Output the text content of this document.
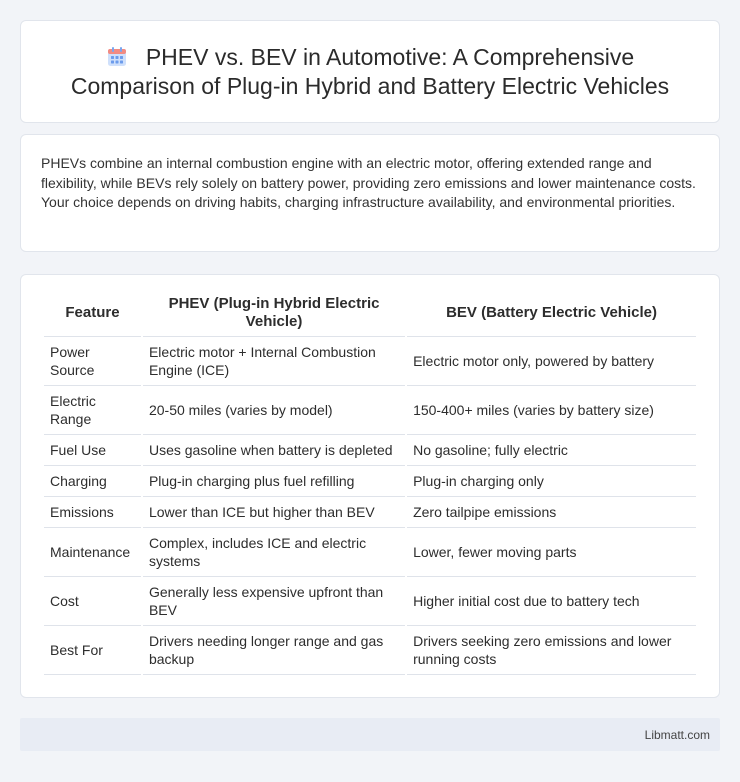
PHEV vs. BEV in Automotive: A Comprehensive
Comparison of Plug-in Hybrid and Battery Electric Vehicles

PHEVs combine an internal combustion engine with an electric motor, offering extended range and flexibility, while BEVs rely solely on battery power, providing zero emissions and lower maintenance costs. Your choice depends on driving habits, charging infrastructure availability, and environmental priorities.

Feature	PHEV (Plug-in Hybrid Electric Vehicle)	BEV (Battery Electric Vehicle)
Power Source	Electric motor + Internal Combustion Engine (ICE)	Electric motor only, powered by battery
Electric Range	20-50 miles (varies by model)	150-400+ miles (varies by battery size)
Fuel Use	Uses gasoline when battery is depleted	No gasoline; fully electric
Charging	Plug-in charging plus fuel refilling	Plug-in charging only
Emissions	Lower than ICE but higher than BEV	Zero tailpipe emissions
Maintenance	Complex, includes ICE and electric systems	Lower, fewer moving parts
Cost	Generally less expensive upfront than BEV	Higher initial cost due to battery tech
Best For	Drivers needing longer range and gas backup	Drivers seeking zero emissions and lower running costs
Libmatt.com
